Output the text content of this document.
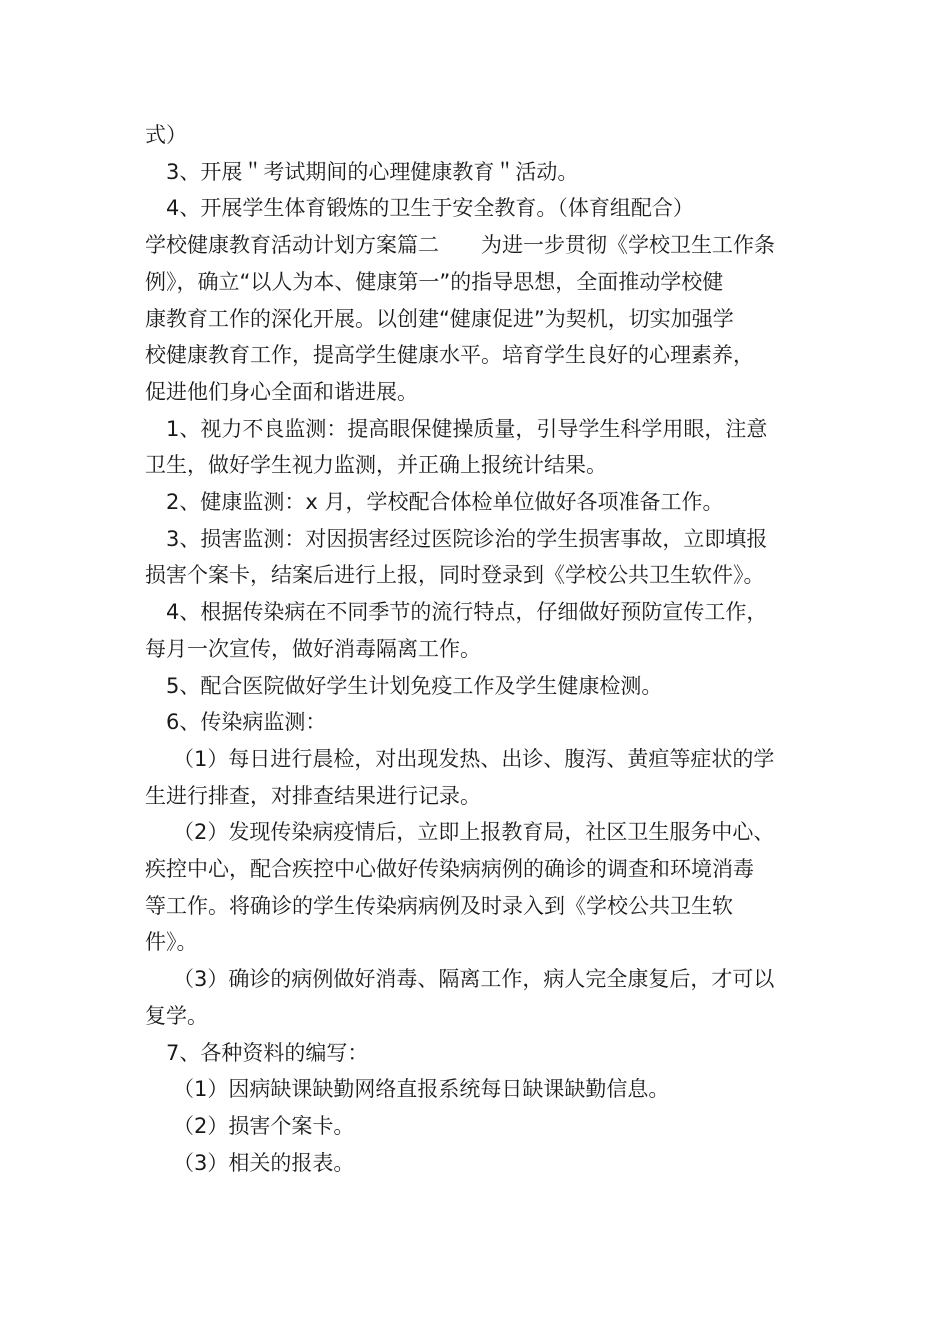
式）

3、开展＂考试期间的心理健康教育＂活动。

4、开展学生体育锻炼的卫生于安全教育。（体育组配合）

学校健康教育活动计划方案篇二　　为进一步贯彻《学校卫生工作条
例》，确立“以人为本、健康第一”的指导思想，全面推动学校健
康教育工作的深化开展。以创建“健康促进”为契机，切实加强学
校健康教育工作，提高学生健康水平。培育学生良好的心理素养，
促进他们身心全面和谐进展。

1、视力不良监测：提高眼保健操质量，引导学生科学用眼，注意
卫生，做好学生视力监测，并正确上报统计结果。

2、健康监测：x 月，学校配合体检单位做好各项准备工作。

3、损害监测：对因损害经过医院诊治的学生损害事故，立即填报
损害个案卡，结案后进行上报，同时登录到《学校公共卫生软件》。

4、根据传染病在不同季节的流行特点，仔细做好预防宣传工作，
每月一次宣传，做好消毒隔离工作。

5、配合医院做好学生计划免疫工作及学生健康检测。

6、传染病监测：

（1）每日进行晨检，对出现发热、出诊、腹泻、黄疸等症状的学
生进行排查，对排查结果进行记录。

（2）发现传染病疫情后，立即上报教育局，社区卫生服务中心、
疾控中心，配合疾控中心做好传染病病例的确诊的调查和环境消毒
等工作。将确诊的学生传染病病例及时录入到《学校公共卫生软
件》。

（3）确诊的病例做好消毒、隔离工作，病人完全康复后，才可以
复学。

7、各种资料的编写：

（1）因病缺课缺勤网络直报系统每日缺课缺勤信息。

（2）损害个案卡。

（3）相关的报表。
